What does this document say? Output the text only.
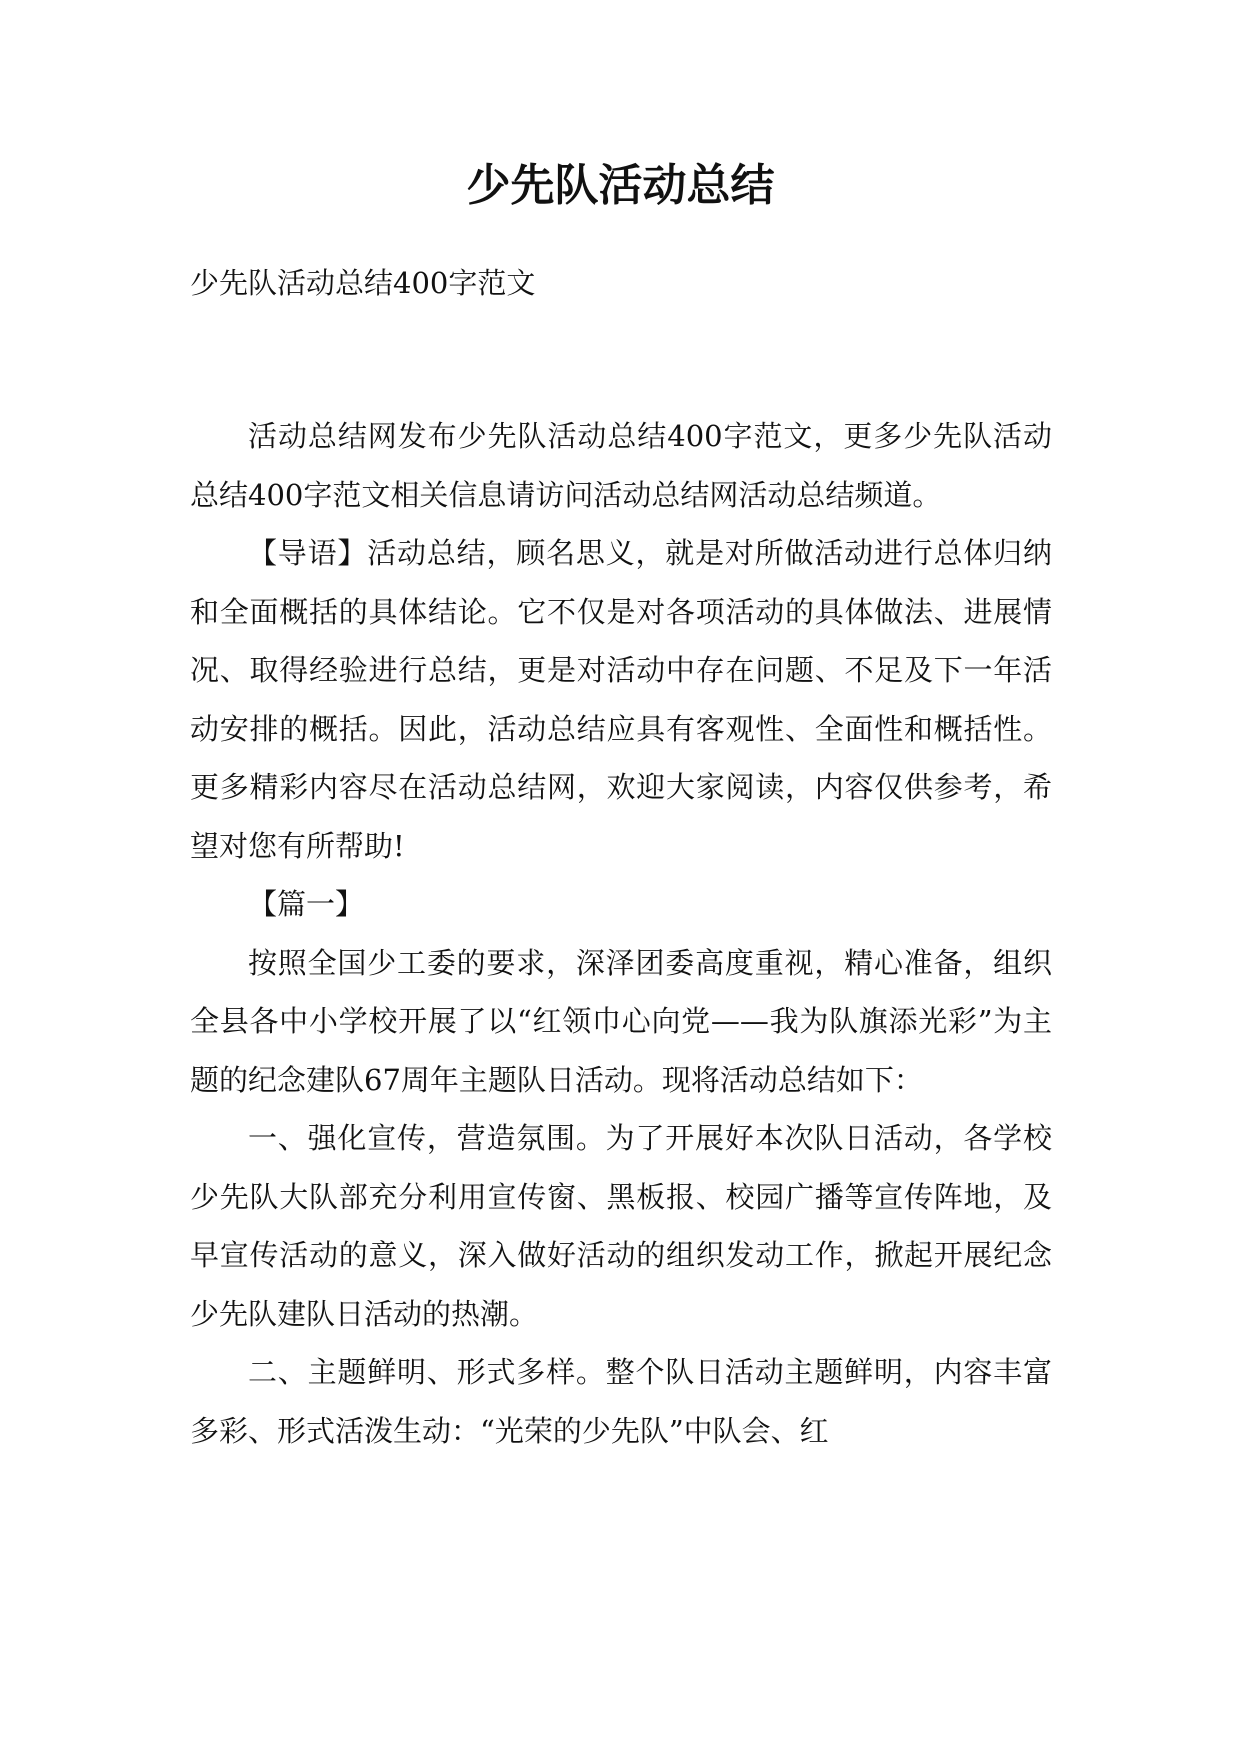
少先队活动总结
少先队活动总结400字范文

活动总结网发布少先队活动总结400字范文，更多少先队活动总结400字范文相关信息请访问活动总结网活动总结频道。

【导语】活动总结，顾名思义，就是对所做活动进行总体归纳和全面概括的具体结论。它不仅是对各项活动的具体做法、进展情况、取得经验进行总结，更是对活动中存在问题、不足及下一年活动安排的概括。因此，活动总结应具有客观性、全面性和概括性。更多精彩内容尽在活动总结网，欢迎大家阅读，内容仅供参考，希望对您有所帮助!

【篇一】

按照全国少工委的要求，深泽团委高度重视，精心准备，组织全县各中小学校开展了以“红领巾心向党——我为队旗添光彩”为主题的纪念建队67周年主题队日活动。现将活动总结如下：

一、强化宣传，营造氛围。为了开展好本次队日活动，各学校少先队大队部充分利用宣传窗、黑板报、校园广播等宣传阵地，及早宣传活动的意义，深入做好活动的组织发动工作，掀起开展纪念少先队建队日活动的热潮。

二、主题鲜明、形式多样。整个队日活动主题鲜明，内容丰富多彩、形式活泼生动：“光荣的少先队”中队会、红
